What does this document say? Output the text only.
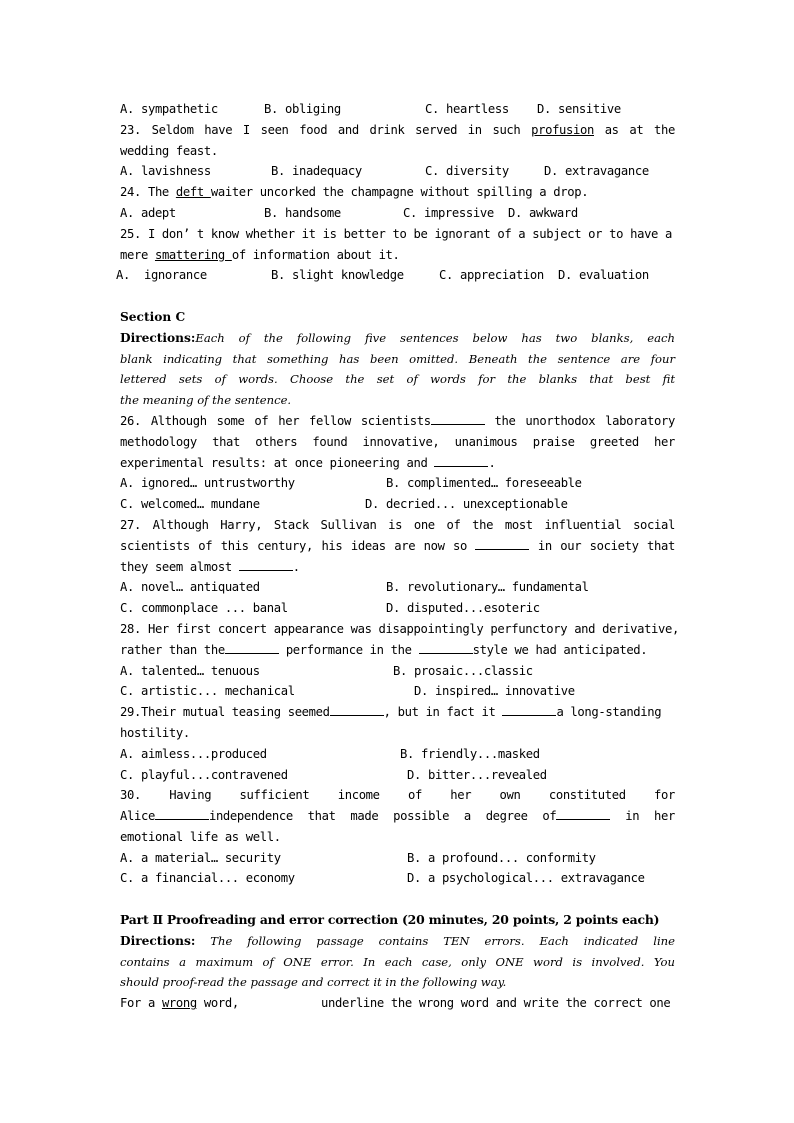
A. sympathetic

	B. obliging

	C. heartless

D. sensitive

23. Seldom have I seen food and drink served in such profusion as at the
wedding feast.

A. lavishness

	B. inadequacy

	C. diversity

	D. extravagance

24. The deft waiter uncorked the champagne without spilling a drop.

A. adept

	B. handsome

	C. impressive

D. awkward

25. I don’ t know whether it is better to be ignorant of a subject or to have a
mere smattering of information about it.

A.  ignorance

	B. slight knowledge

	C. appreciation

D. evaluation

Section C
Directions:Each of the following five sentences below has two blanks, each
blank indicating that something has been omitted. Beneath the sentence are four
lettered sets of words. Choose the set of words for the blanks that best fit
the meaning of the sentence.
26. Although some of her fellow scientists	the unorthodox laboratory
methodology that others found innovative, unanimous praise greeted her
experimental results: at once pioneering and	.

A. ignored… untrustworthy

	B. complimented… foreseeable

C. welcomed… mundane

	D. decried... unexceptionable

27. Although Harry, Stack Sullivan is one of the most influential social
scientists of this century, his ideas are now so	in our society that
they seem almost	.

A. novel… antiquated

	B. revolutionary… fundamental

C. commonplace ... banal

	D. disputed...esoteric

28. Her first concert appearance was disappointingly perfunctory and derivative,
rather than the	performance in the	style we had anticipated.

A. talented… tenuous

	B. prosaic...classic

C. artistic... mechanical

	D. inspired… innovative

29.Their mutual teasing seemed	, but in fact it	a long-standing
hostility.

A. aimless...produced

	B. friendly...masked

C. playful...contravened

	D. bitter...revealed

30. Having sufficient income of her own constituted for
Alice	independence that made possible a degree of	in her
emotional life as well.

A. a material… security

	B. a profound... conformity

C. a financial... economy

	D. a psychological... extravagance

Part Ⅱ Proofreading and error correction (20 minutes, 20 points, 2 points each)
Directions: The following passage contains TEN errors. Each indicated line
contains a maximum of ONE error. In each case, only ONE word is involved. You
should proof-read the passage and correct it in the following way.

For a wrong word,

	underline the wrong word and write the correct one
